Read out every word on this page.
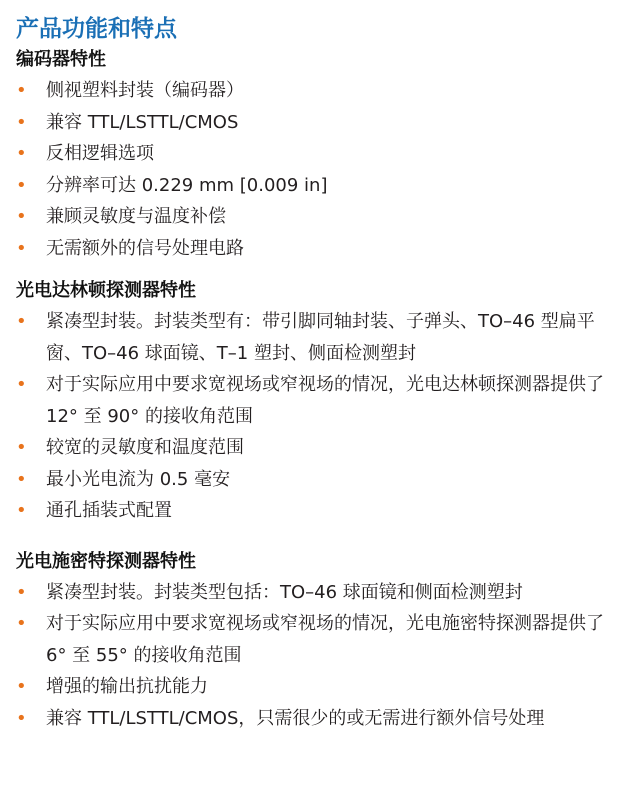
产品功能和特点
编码器特性
• 侧视塑料封装（编码器）
• 兼容 TTL/LSTTL/CMOS
• 反相逻辑选项
• 分辨率可达 0.229 mm [0.009 in]
• 兼顾灵敏度与温度补偿
• 无需额外的信号处理电路
光电达林顿探测器特性
• 紧凑型封装。封装类型有：带引脚同轴封装、子弹头、TO–46 型扁平窗、TO–46 球面镜、T–1 塑封、侧面检测塑封
• 对于实际应用中要求宽视场或窄视场的情况，光电达林顿探测器提供了 12° 至 90° 的接收角范围
• 较宽的灵敏度和温度范围
• 最小光电流为 0.5 毫安
• 通孔插装式配置
光电施密特探测器特性
• 紧凑型封装。封装类型包括：TO–46 球面镜和侧面检测塑封
• 对于实际应用中要求宽视场或窄视场的情况，光电施密特探测器提供了 6° 至 55° 的接收角范围
• 增强的输出抗扰能力
• 兼容 TTL/LSTTL/CMOS，只需很少的或无需进行额外信号处理
